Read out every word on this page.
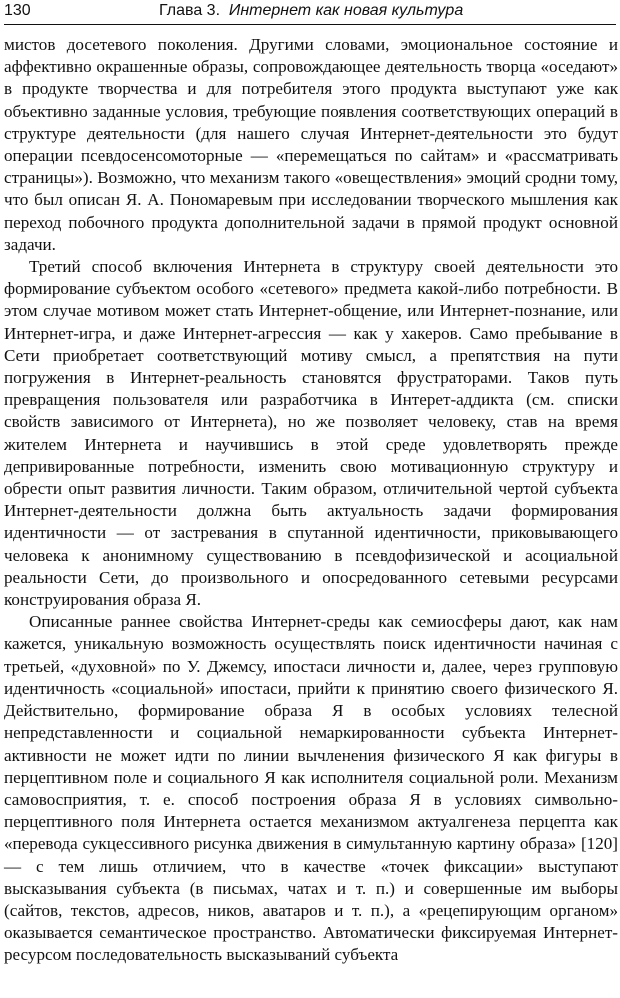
130	Глава 3. Интернет как новая культура

мистов досетевого поколения. Другими словами, эмоциональное состояние и аффективно окрашенные образы, сопровождающее деятельность творца «оседают» в продукте творчества и для потребителя этого продукта выступают уже как объективно заданные условия, требующие появления соответствующих операций в структуре деятельности (для нашего случая Интернет-деятельности это будут операции псевдосенсомоторные — «перемещаться по сайтам» и «рассматривать страницы»). Возможно, что механизм такого «овеществления» эмоций сродни тому, что был описан Я. А. Пономаревым при исследовании творческого мышления как переход побочного продукта дополнительной задачи в прямой продукт основной задачи.

Третий способ включения Интернета в структуру своей деятельности это формирование субъектом особого «сетевого» предмета какой-либо потребности. В этом случае мотивом может стать Интернет-общение, или Интернет-познание, или Интернет-игра, и даже Интернет-агрессия — как у хакеров. Само пребывание в Сети приобретает соответствующий мотиву смысл, а препятствия на пути погружения в Интернет-реальность становятся фрустраторами. Таков путь превращения пользователя или разработчика в Интерет-аддикта (см. списки свойств зависимого от Интернета), но же позволяет человеку, став на время жителем Интернета и научившись в этой среде удовлетворять прежде депривированные потребности, изменить свою мотивационную структуру и обрести опыт развития личности. Таким образом, отличительной чертой субъекта Интернет-деятельности должна быть актуальность задачи формирования идентичности — от застревания в спутанной идентичности, приковывающего человека к анонимному существованию в псевдофизической и асоциальной реальности Сети, до произвольного и опосредованного сетевыми ресурсами конструирования образа Я.

Описанные раннее свойства Интернет-среды как семиосферы дают, как нам кажется, уникальную возможность осуществлять поиск идентичности начиная с третьей, «духовной» по У. Джемсу, ипостаси личности и, далее, через групповую идентичность «социальной» ипостаси, прийти к принятию своего физического Я. Действительно, формирование образа Я в особых условиях телесной непредставленности и социальной немаркированности субъекта Интернет-активности не может идти по линии вычленения физического Я как фигуры в перцептивном поле и социального Я как исполнителя социальной роли. Механизм самовосприятия, т. е. способ построения образа Я в условиях символьно-перцептивного поля Интернета остается механизмом актуалгенеза перцепта как «перевода сукцессивного рисунка движения в симультанную картину образа» [120] — с тем лишь отличием, что в качестве «точек фиксации» выступают высказывания субъекта (в письмах, чатах и т. п.) и совершенные им выборы (сайтов, текстов, адресов, ников, аватаров и т. п.), а «рецепирующим органом» оказывается семантическое пространство. Автоматически фиксируемая Интернет-ресурсом последовательность высказываний субъекта
